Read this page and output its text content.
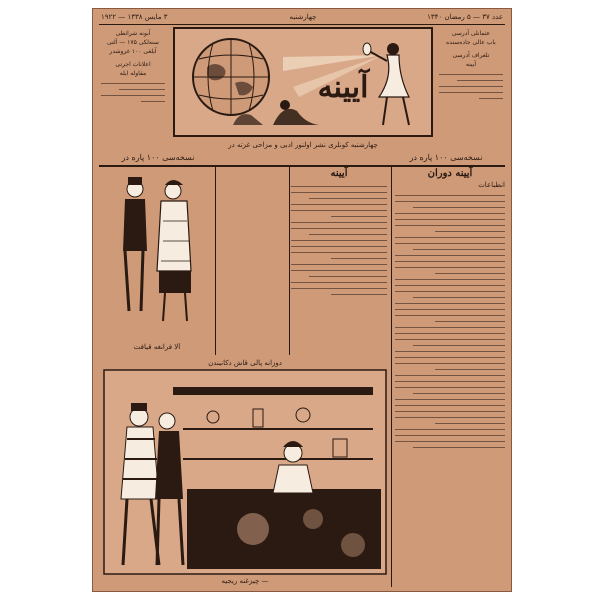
عدد ۳۷ — ۵ رمضان ۱۳۴۰
چهارشنبه
۳ مایس ۱۳۳۸ — ۱۹۲۲
آبونه شرائطی
سنه‌لکی ۱۷۵ — آلتی
آیلغی ۱۰۰ غروشدر
اعلانات اجرتی
مقاوله ایله
عثمانلی آدرسی
باب عالی جاده‌سنده
تلغراف آدرسی
آیینه
آیینه
چهارشنبه کونلری نشر اولنور ادبی و مزاحی غزته در
نسخه‌سی ۱۰۰ پاره در	نسخه‌سی ۱۰۰ پاره در
آلا فرانغه قیافت
آیینه	آیینه دوران
انطباعات
دوزانه پالی قاش دکانیندن
— چیزغنه ریجیه
